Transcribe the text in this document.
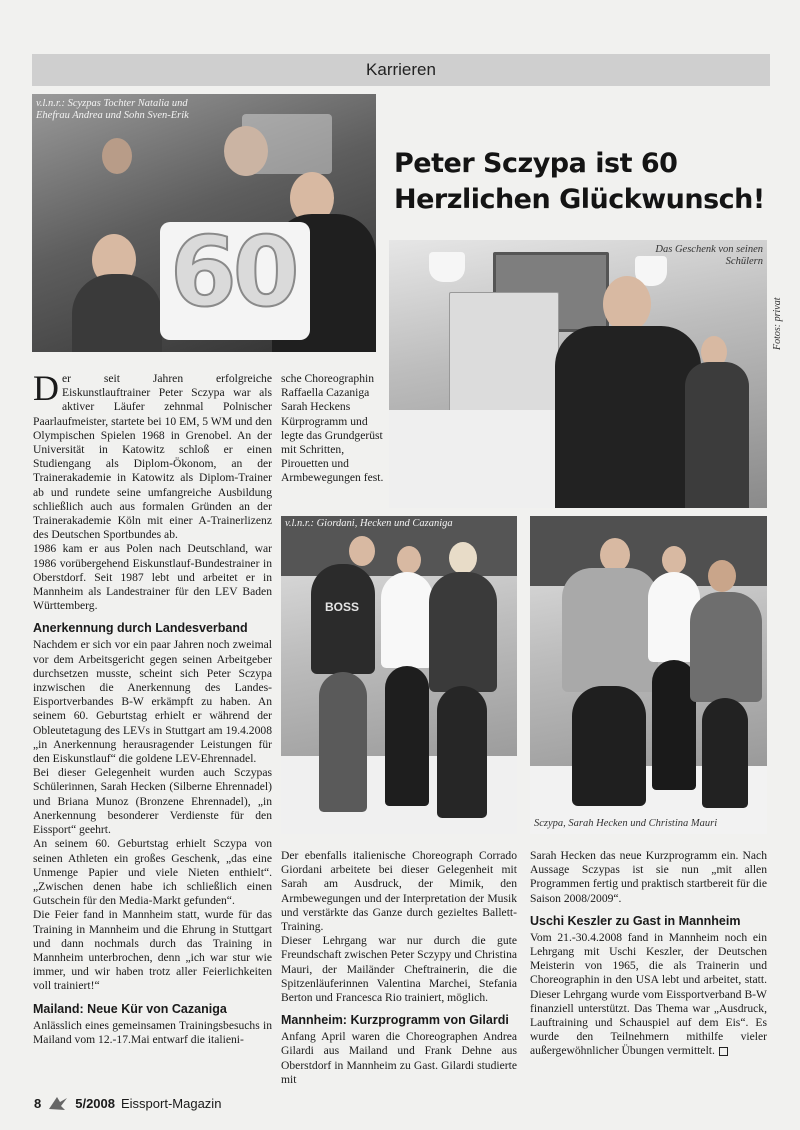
Karrieren
60
v.l.n.r.: Scyzpas Tochter Natalia und Ehefrau Andrea und Sohn Sven-Erik
Peter Sczypa ist 60
Herzlichen Glückwunsch!
Das Geschenk von seinen Schülern
Fotos: privat

D er seit Jahren erfolgreiche Eiskunstlauftrainer Peter Sczypa war als aktiver Läufer zehnmal Polnischer Paarlaufmeister, startete bei 10 EM, 5 WM und den Olympischen Spielen 1968 in Grenobel. An der Universität in Katowitz schloß er einen Studiengang als Diplom-Ökonom, an der Trainerakademie in Katowitz als Diplom-Trainer ab und rundete seine umfangreiche Ausbildung schließlich auch aus formalen Gründen an der Trainerakademie Köln mit einer A-Trainerlizenz des Deutschen Sportbundes ab.

1986 kam er aus Polen nach Deutschland, war 1986 vorübergehend Eiskunstlauf-Bundestrainer in Oberstdorf. Seit 1987 lebt und arbeitet er in Mannheim als Landestrainer für den LEV Baden Württemberg.

Anerkennung durch Landesverband

Nachdem er sich vor ein paar Jahren noch zweimal vor dem Arbeitsgericht gegen seinen Arbeitgeber durchsetzen musste, scheint sich Peter Sczypa inzwischen die Anerkennung des Landes-Eisportverbandes B-W erkämpft zu haben. An seinem 60. Geburtstag erhielt er während der Obleutetagung des LEVs in Stuttgart am 19.4.2008 „in Anerkennung herausragender Leistungen für den Eiskunstlauf“ die goldene LEV-Ehrennadel.

Bei dieser Gelegenheit wurden auch Sczypas Schülerinnen, Sarah Hecken (Silberne Ehrennadel) und Briana Munoz (Bronzene Ehrennadel), „in Anerkennung besonderer Verdienste für den Eissport“ geehrt.

An seinem 60. Geburtstag erhielt Sczypa von seinen Athleten ein großes Geschenk, „das eine Unmenge Papier und viele Nieten enthielt“. „Zwischen denen habe ich schließlich einen Gutschein für den Media-Markt gefunden“.

Die Feier fand in Mannheim statt, wurde für das Training in Mannheim und die Ehrung in Stuttgart und dann nochmals durch das Training in Mannheim unterbrochen, denn „ich war stur wie immer, und wir haben trotz aller Feierlichkeiten voll trainiert!“

Mailand: Neue Kür von Cazaniga

Anlässlich eines gemeinsamen Trainingsbesuchs in Mailand vom 12.-17.Mai entwarf die italieni-

sche Choreographin Raffaella Cazaniga Sarah Heckens Kürprogramm und legte das Grundgerüst mit Schritten, Pirouetten und Armbewegungen fest.

BOSS
v.l.n.r.: Giordani, Hecken und Cazaniga
Sczypa, Sarah Hecken und Christina Mauri

Der ebenfalls italienische Choreograph Corrado Giordani arbeitete bei dieser Gelegenheit mit Sarah am Ausdruck, der Mimik, den Armbewegungen und der Interpretation der Musik und verstärkte das Ganze durch gezieltes Ballett-Training.

Dieser Lehrgang war nur durch die gute Freundschaft zwischen Peter Sczypy und Christina Mauri, der Mailänder Cheftrainerin, die die Spitzenläuferinnen Valentina Marchei, Stefania Berton und Francesca Rio trainiert, möglich.

Mannheim: Kurzprogramm von Gilardi

Anfang April waren die Choreographen Andrea Gilardi aus Mailand und Frank Dehne aus Oberstdorf in Mannheim zu Gast. Gilardi studierte mit

Sarah Hecken das neue Kurzprogramm ein. Nach Aussage Sczypas ist sie nun „mit allen Programmen fertig und praktisch startbereit für die Saison 2008/2009“.

Uschi Keszler zu Gast in Mannheim

Vom 21.-30.4.2008 fand in Mannheim noch ein Lehrgang mit Uschi Keszler, der Deutschen Meisterin von 1965, die als Trainerin und Choreographin in den USA lebt und arbeitet, statt. Dieser Lehrgang wurde vom Eissportverband B-W finanziell unterstützt. Das Thema war „Ausdruck, Lauftraining und Schauspiel auf dem Eis“. Es wurde den Teilnehmern mithilfe vieler außergewöhnlicher Übungen vermittelt.

8	5/2008 Eissport-Magazin
